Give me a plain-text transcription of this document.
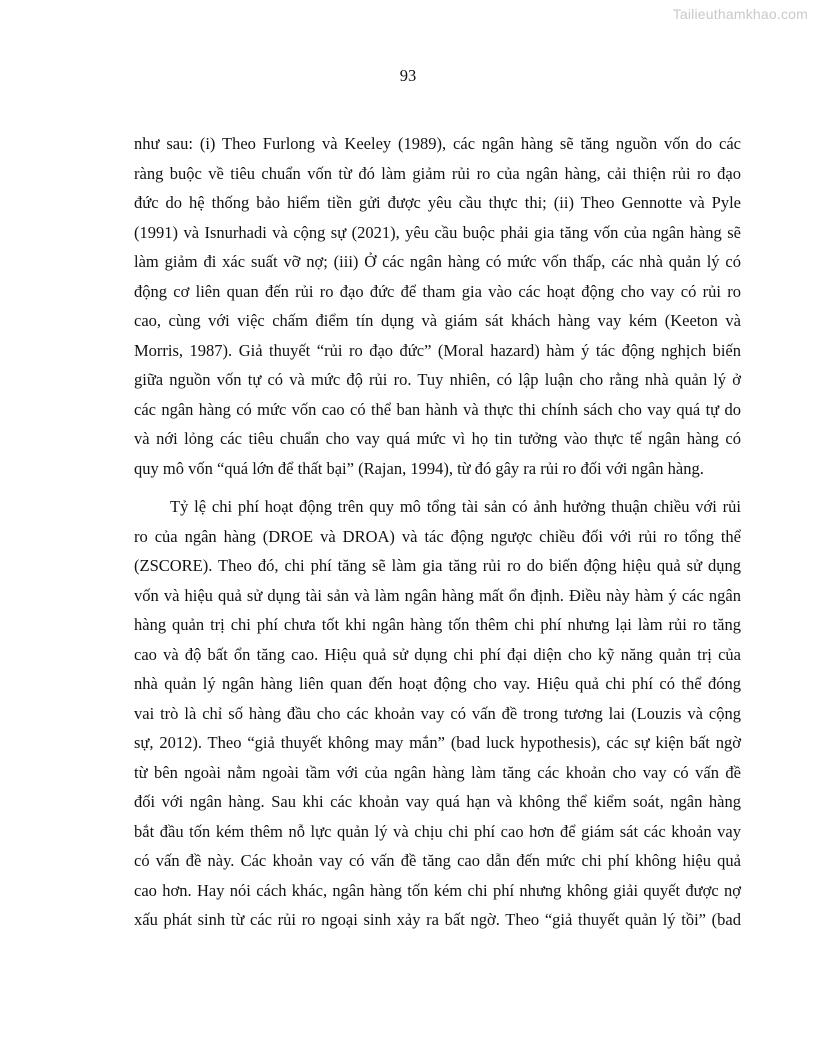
Tailieuthamkhao.com
93
như sau: (i) Theo Furlong và Keeley (1989), các ngân hàng sẽ tăng nguồn vốn do các
ràng buộc về tiêu chuẩn vốn từ đó làm giảm rủi ro của ngân hàng, cải thiện rủi ro đạo
đức do hệ thống bảo hiểm tiền gửi được yêu cầu thực thi; (ii) Theo Gennotte và Pyle
(1991) và Isnurhadi và cộng sự (2021), yêu cầu buộc phải gia tăng vốn của ngân hàng sẽ
làm giảm đi xác suất vỡ nợ; (iii) Ở các ngân hàng có mức vốn thấp, các nhà quản lý có
động cơ liên quan đến rủi ro đạo đức để tham gia vào các hoạt động cho vay có rủi ro
cao, cùng với việc chấm điểm tín dụng và giám sát khách hàng vay kém (Keeton và
Morris, 1987). Giả thuyết “rủi ro đạo đức” (Moral hazard) hàm ý tác động nghịch biến
giữa nguồn vốn tự có và mức độ rủi ro. Tuy nhiên, có lập luận cho rằng nhà quản lý ở
các ngân hàng có mức vốn cao có thể ban hành và thực thi chính sách cho vay quá tự do
và nới lỏng các tiêu chuẩn cho vay quá mức vì họ tin tưởng vào thực tế ngân hàng có
quy mô vốn “quá lớn để thất bại” (Rajan, 1994), từ đó gây ra rủi ro đối với ngân hàng.
Tỷ lệ chi phí hoạt động trên quy mô tổng tài sản có ảnh hưởng thuận chiều với rủi
ro của ngân hàng (DROE và DROA) và tác động ngược chiều đối với rủi ro tổng thể
(ZSCORE). Theo đó, chi phí tăng sẽ làm gia tăng rủi ro do biến động hiệu quả sử dụng
vốn và hiệu quả sử dụng tài sản và làm ngân hàng mất ổn định. Điều này hàm ý các ngân
hàng quản trị chi phí chưa tốt khi ngân hàng tốn thêm chi phí nhưng lại làm rủi ro tăng
cao và độ bất ổn tăng cao. Hiệu quả sử dụng chi phí đại diện cho kỹ năng quản trị của
nhà quản lý ngân hàng liên quan đến hoạt động cho vay. Hiệu quả chi phí có thể đóng
vai trò là chỉ số hàng đầu cho các khoản vay có vấn đề trong tương lai (Louzis và cộng
sự, 2012). Theo “giả thuyết không may mắn” (bad luck hypothesis), các sự kiện bất ngờ
từ bên ngoài nằm ngoài tầm với của ngân hàng làm tăng các khoản cho vay có vấn đề
đối với ngân hàng. Sau khi các khoản vay quá hạn và không thể kiểm soát, ngân hàng
bắt đầu tốn kém thêm nỗ lực quản lý và chịu chi phí cao hơn để giám sát các khoản vay
có vấn đề này. Các khoản vay có vấn đề tăng cao dẫn đến mức chi phí không hiệu quả
cao hơn. Hay nói cách khác, ngân hàng tốn kém chi phí nhưng không giải quyết được nợ
xấu phát sinh từ các rủi ro ngoại sinh xảy ra bất ngờ. Theo “giả thuyết quản lý tồi” (bad
